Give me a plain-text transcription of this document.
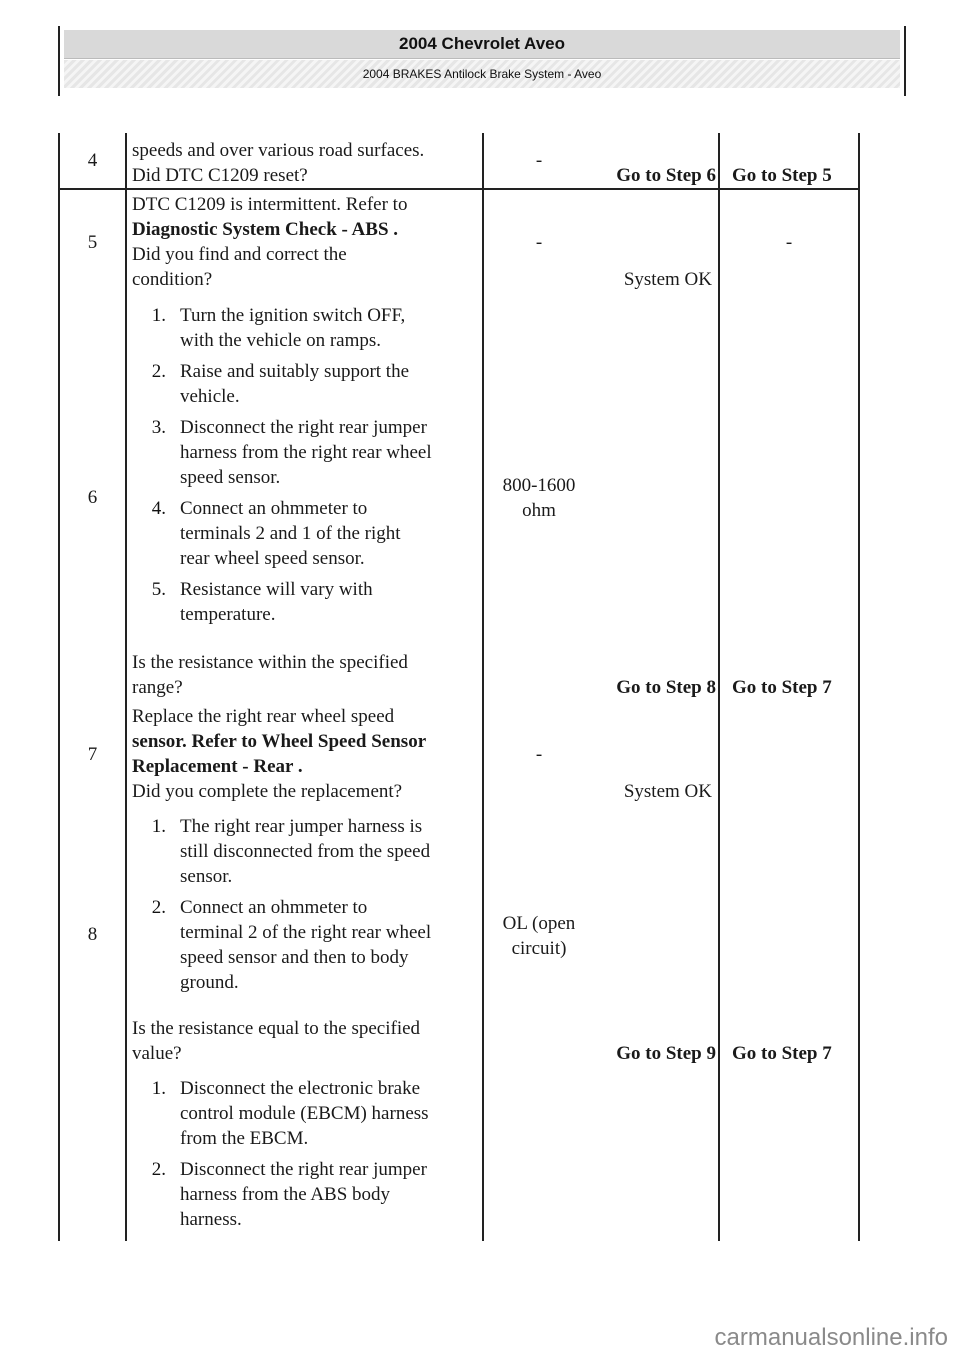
2004 Chevrolet Aveo
2004 BRAKES Antilock Brake System - Aveo
4	speeds and over various road surfaces.
Did DTC C1209 reset?
-
Go to Step 6 Go to Step 5
5
DTC C1209 is intermittent. Refer to
Diagnostic System Check - ABS .
Did you find and correct the
condition?
-
System OK
-
6
1. Turn the ignition switch OFF,
with the vehicle on ramps.
2. Raise and suitably support the
vehicle.
3. Disconnect the right rear jumper
harness from the right rear wheel
speed sensor.
4. Connect an ohmmeter to
terminals 2 and 1 of the right
rear wheel speed sensor.
5. Resistance will vary with
temperature.
Is the resistance within the specified
range?
800-1600
ohm
Go to Step 8 Go to Step 7
7
Replace the right rear wheel speed
sensor. Refer to Wheel Speed Sensor
Replacement - Rear .
Did you complete the replacement?
-
System OK
8
1. The right rear jumper harness is
still disconnected from the speed
sensor.
2. Connect an ohmmeter to
terminal 2 of the right rear wheel
speed sensor and then to body
ground.
Is the resistance equal to the specified
value?
OL (open
circuit)
Go to Step 9 Go to Step 7
1. Disconnect the electronic brake
control module (EBCM) harness
from the EBCM.
2. Disconnect the right rear jumper
harness from the ABS body
harness.
carmanualsonline.info
